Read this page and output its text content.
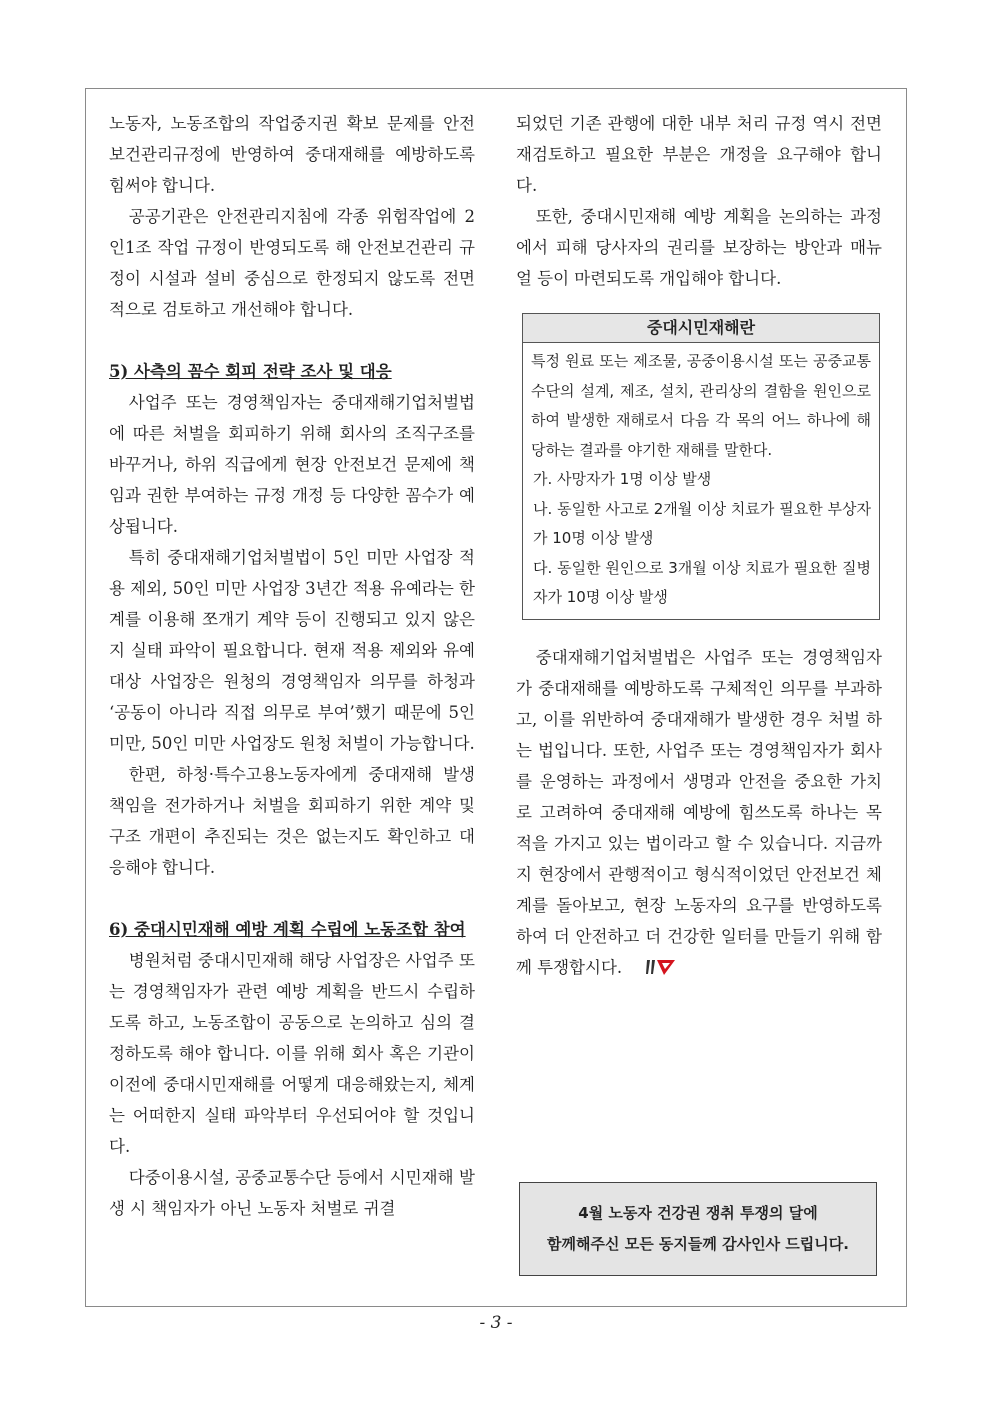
노동자, 노동조합의 작업중지권 확보 문제를 안전보건관리규정에 반영하여 중대재해를 예방하도록 힘써야 합니다.

공공기관은 안전관리지침에 각종 위험작업에 2인1조 작업 규정이 반영되도록 해 안전보건관리 규정이 시설과 설비 중심으로 한정되지 않도록 전면적으로 검토하고 개선해야 합니다.

5) 사측의 꼼수 회피 전략 조사 및 대응

사업주 또는 경영책임자는 중대재해기업처벌법에 따른 처벌을 회피하기 위해 회사의 조직구조를 바꾸거나, 하위 직급에게 현장 안전보건 문제에 책임과 권한 부여하는 규정 개정 등 다양한 꼼수가 예상됩니다.

특히 중대재해기업처벌법이 5인 미만 사업장 적용 제외, 50인 미만 사업장 3년간 적용 유예라는 한계를 이용해 쪼개기 계약 등이 진행되고 있지 않은지 실태 파악이 필요합니다. 현재 적용 제외와 유예 대상 사업장은 원청의 경영책임자 의무를 하청과 ‘공동이 아니라 직접 의무로 부여’했기 때문에 5인 미만, 50인 미만 사업장도 원청 처벌이 가능합니다.

한편, 하청·특수고용노동자에게 중대재해 발생 책임을 전가하거나 처벌을 회피하기 위한 계약 및 구조 개편이 추진되는 것은 없는지도 확인하고 대응해야 합니다.

6) 중대시민재해 예방 계획 수립에 노동조합 참여

병원처럼 중대시민재해 해당 사업장은 사업주 또는 경영책임자가 관련 예방 계획을 반드시 수립하도록 하고, 노동조합이 공동으로 논의하고 심의 결정하도록 해야 합니다. 이를 위해 회사 혹은 기관이 이전에 중대시민재해를 어떻게 대응해왔는지, 체계는 어떠한지 실태 파악부터 우선되어야 할 것입니다.

다중이용시설, 공중교통수단 등에서 시민재해 발생 시 책임자가 아닌 노동자 처벌로 귀결

되었던 기존 관행에 대한 내부 처리 규정 역시 전면 재검토하고 필요한 부분은 개정을 요구해야 합니다.

또한, 중대시민재해 예방 계획을 논의하는 과정에서 피해 당사자의 권리를 보장하는 방안과 매뉴얼 등이 마련되도록 개입해야 합니다.

중대시민재해란

특정 원료 또는 제조물, 공중이용시설 또는 공중교통 수단의 설계, 제조, 설치, 관리상의 결함을 원인으로 하여 발생한 재해로서 다음 각 목의 어느 하나에 해당하는 결과를 야기한 재해를 말한다.

가. 사망자가 1명 이상 발생

나. 동일한 사고로 2개월 이상 치료가 필요한 부상자가 10명 이상 발생

다. 동일한 원인으로 3개월 이상 치료가 필요한 질병자가 10명 이상 발생

중대재해기업처벌법은 사업주 또는 경영책임자가 중대재해를 예방하도록 구체적인 의무를 부과하고, 이를 위반하여 중대재해가 발생한 경우 처벌 하는 법입니다. 또한, 사업주 또는 경영책임자가 회사를 운영하는 과정에서 생명과 안전을 중요한 가치로 고려하여 중대재해 예방에 힘쓰도록 하나는 목적을 가지고 있는 법이라고 할 수 있습니다. 지금까지 현장에서 관행적이고 형식적이었던 안전보건 체계를 돌아보고, 현장 노동자의 요구를 반영하도록 하여 더 안전하고 더 건강한 일터를 만들기 위해 함께 투쟁합시다.

4월 노동자 건강권 쟁취 투쟁의 달에
함께해주신 모든 동지들께 감사인사 드립니다.
- 3 -
